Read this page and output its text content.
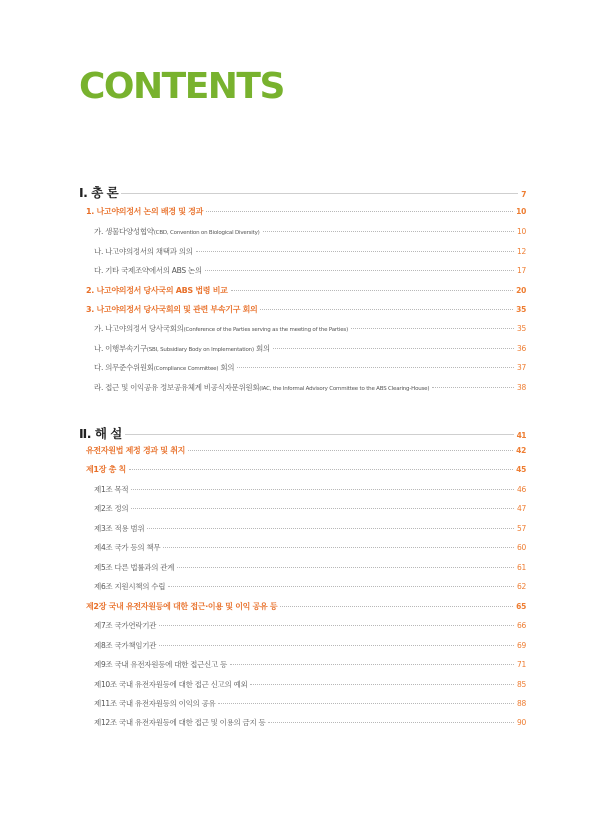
CONTENTS
Ⅰ. 총 론	7
1. 나고야의정서 논의 배경 및 경과	10
가. 생물다양성협약(CBD, Convention on Biological Diversity)	10
나. 나고야의정서의 채택과 의의	12
다. 기타 국제조약에서의 ABS 논의	17
2. 나고야의정서 당사국의 ABS 법령 비교	20
3. 나고야의정서 당사국회의 및 관련 부속기구 회의	35
가. 나고야의정서 당사국회의(Conference of the Parties serving as the meeting of the Parties)	35
나. 이행부속기구(SBI, Subsidiary Body on Implementation) 회의	36
다. 의무준수위원회(Compliance Committee) 회의	37
라. 접근 및 이익공유 정보공유체계 비공식자문위원회(IAC, the Informal Advisory Committee to the ABS Clearing-House)	38
Ⅱ. 해 설	41
유전자원법 제정 경과 및 취지	42
제1장 총 칙	45
제1조 목적	46
제2조 정의	47
제3조 적용 범위	57
제4조 국가 등의 책무	60
제5조 다른 법률과의 관계	61
제6조 지원시책의 수립	62
제2장 국내 유전자원등에 대한 접근·이용 및 이익 공유 등	65
제7조 국가연락기관	66
제8조 국가책임기관	69
제9조 국내 유전자원등에 대한 접근신고 등	71
제10조 국내 유전자원등에 대한 접근 신고의 예외	85
제11조 국내 유전자원등의 이익의 공유	88
제12조 국내 유전자원등에 대한 접근 및 이용의 금지 등	90
